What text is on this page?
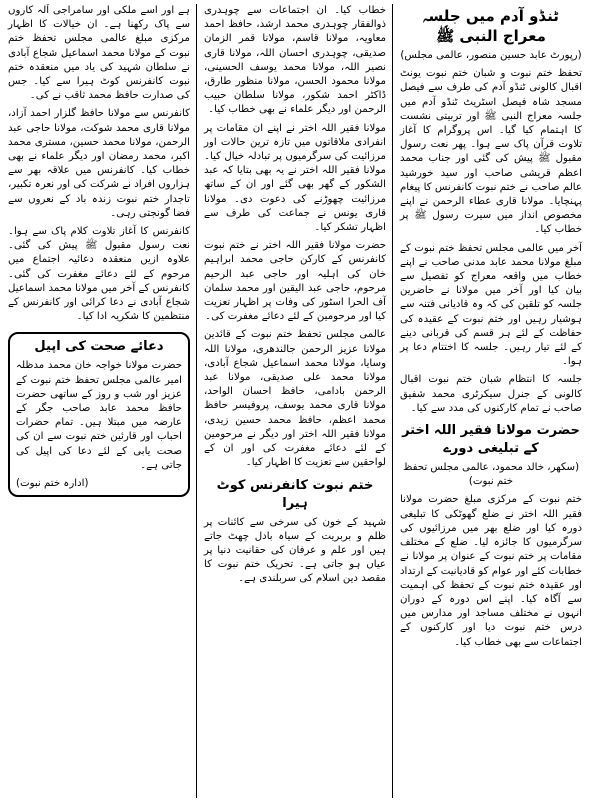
ٹنڈو آدم میں جلسہ معراج النبی ﷺ
(رپورٹ عابد حسین منصور، عالمی مجلس)

تحفظ ختم نبوت و شبان ختم نبوت یونٹ اقبال کالونی ٹنڈو آدم کی طرف سے فیصل مسجد شاہ فیصل اسٹریٹ ٹنڈو آدم میں جلسہ معراج النبی ﷺ اور تربیتی نشست کا اہتمام کیا گیا۔ اس پروگرام کا آغاز تلاوت قرآن پاک سے ہوا۔ پھر نعت رسول مقبول ﷺ پیش کی گئی اور جناب محمد اعظم قریشی صاحب اور سید خورشید عالم صاحب نے ختم نبوت کانفرنس کا پیغام پہنچایا۔ مولانا قاری عطاء الرحمن نے اپنے مخصوص انداز میں سیرت رسول ﷺ پر خطاب کیا۔

آخر میں عالمی مجلس تحفظ ختم نبوت کے مبلغ مولانا محمد عابد مدنی صاحب نے اپنے خطاب میں واقعہ معراج کو تفصیل سے بیان کیا اور آخر میں مولانا نے حاضرین جلسہ کو تلقین کی کہ وہ قادیانی فتنہ سے ہوشیار رہیں اور ختم نبوت کے عقیدہ کی حفاظت کے لئے ہر قسم کی قربانی دینے کے لئے تیار رہیں۔ جلسہ کا اختتام دعا پر ہوا۔

جلسہ کا انتظام شبان ختم نبوت اقبال کالونی کے جنرل سیکرٹری محمد شفیق صاحب نے تمام کارکنوں کی مدد سے کیا۔

حضرت مولانا فقیر اللہ اختر کے تبلیغی دورے
(سکھر، خالد محمود، عالمی مجلس تحفظ ختم نبوت)

ختم نبوت کے مرکزی مبلغ حضرت مولانا فقیر اللہ اختر نے ضلع گھوٹکی کا تبلیغی دورہ کیا اور ضلع بھر میں مرزائیوں کی سرگرمیوں کا جائزہ لیا۔ ضلع کے مختلف مقامات پر ختم نبوت کے عنوان پر مولانا نے خطابات کئے اور عوام کو قادیانیت کے ارتداد اور عقیدہ ختم نبوت کے تحفظ کی اہمیت سے آگاہ کیا۔ اپنے اس دورہ کے دوران انہوں نے مختلف مساجد اور مدارس میں درس ختم نبوت دیا اور کارکنوں کے اجتماعات سے بھی خطاب کیا۔

خطاب کیا۔ ان اجتماعات سے چوہدری ذوالفقار چوہدری محمد ارشد، حافظ احمد معاویہ، مولانا قاسم، مولانا قمر الزمان صدیقی، چوہدری احسان اللہ، مولانا قاری نصیر اللہ، مولانا محمد یوسف الحسینی، مولانا محمود الحسن، مولانا منظور طارق، ڈاکٹر احمد شکور، مولانا سلطان حبیب الرحمن اور دیگر علماء نے بھی خطاب کیا۔

مولانا فقیر اللہ اختر نے اپنے ان مقامات پر انفرادی ملاقاتوں میں تازہ ترین حالات اور مرزائیت کی سرگرمیوں پر تبادلہ خیال کیا۔ مولانا فقیر اللہ اختر نے یہ بھی بتایا کہ عبد الشکور کے گھر بھی گئے اور ان کے ساتھ مرزائیت چھوڑنے کی دعوت دی۔ مولانا قاری یونس نے جماعت کی طرف سے اظہار تشکر کیا۔

حضرت مولانا فقیر اللہ اختر نے ختم نبوت کانفرنس کے کارکن حاجی محمد ابراہیم خان کی اہلیہ اور حاجی عبد الرحیم مرحوم، حاجی عبد الیقین اور محمد سلمان آف الحرا اسٹور کی وفات پر اظہار تعزیت کیا اور مرحومین کے لئے دعائے مغفرت کی۔

عالمی مجلس تحفظ ختم نبوت کے قائدین مولانا عزیز الرحمن جالندھری، مولانا اللہ وسایا، مولانا محمد اسماعیل شجاع آبادی، مولانا محمد علی صدیقی، مولانا عبد الرحمن بادامی، حافظ احسان الواحد، مولانا قاری محمد یوسف، پروفیسر حافظ محمد اعظم، حافظ محمد حسین زیدی، مولانا فقیر اللہ اختر اور دیگر نے مرحومین کے لئے دعائے مغفرت کی اور ان کے لواحقین سے تعزیت کا اظہار کیا۔

ختم نبوت کانفرنس کوٹ ہیرا

شہید کے خون کی سرخی سے کائنات پر ظلم و بربریت کے سیاہ بادل چھٹ جاتے ہیں اور علم و عرفان کی حقانیت دنیا پر عیاں ہو جاتی ہے۔ تحریک ختم نبوت کا مقصد دین اسلام کی سربلندی ہے۔

ہے اور اسے ملکی اور سامراجی آلہ کاروں سے پاک رکھنا ہے۔ ان خیالات کا اظہار مرکزی مبلغ عالمی مجلس تحفظ ختم نبوت کے مولانا محمد اسماعیل شجاع آبادی نے سلطان شہید کی یاد میں منعقدہ ختم نبوت کانفرنس کوٹ ہیرا سے کیا۔ جس کی صدارت حافظ محمد ثاقب نے کی۔

کانفرنس سے مولانا حافظ گلزار احمد آزاد، مولانا قاری محمد شوکت، مولانا حاجی عبد الرحمن، مولانا محمد حسین، مستری محمد اکبر، محمد رمضان اور دیگر علماء نے بھی خطاب کیا۔ کانفرنس میں علاقہ بھر سے ہزاروں افراد نے شرکت کی اور نعرہ تکبیر، تاجدار ختم نبوت زندہ باد کے نعروں سے فضا گونجتی رہی۔

کانفرنس کا آغاز تلاوت کلام پاک سے ہوا۔ نعت رسول مقبول ﷺ پیش کی گئی۔ علاوہ ازیں منعقدہ دعائیہ اجتماع میں مرحوم کے لئے دعائے مغفرت کی گئی۔ کانفرنس کے آخر میں مولانا محمد اسماعیل شجاع آبادی نے دعا کرائی اور کانفرنس کے منتظمین کا شکریہ ادا کیا۔

دعائے صحت کی اپیل

حضرت مولانا خواجہ خان محمد مدظلہ امیر عالمی مجلس تحفظ ختم نبوت کے عزیز اور شب و روز کے ساتھی حضرت حافظ محمد عابد صاحب جگر کے عارضہ میں مبتلا ہیں۔ تمام حضرات احباب اور قارئین ختم نبوت سے ان کی صحت یابی کے لئے دعا کی اپیل کی جاتی ہے۔

(ادارہ ختم نبوت)
